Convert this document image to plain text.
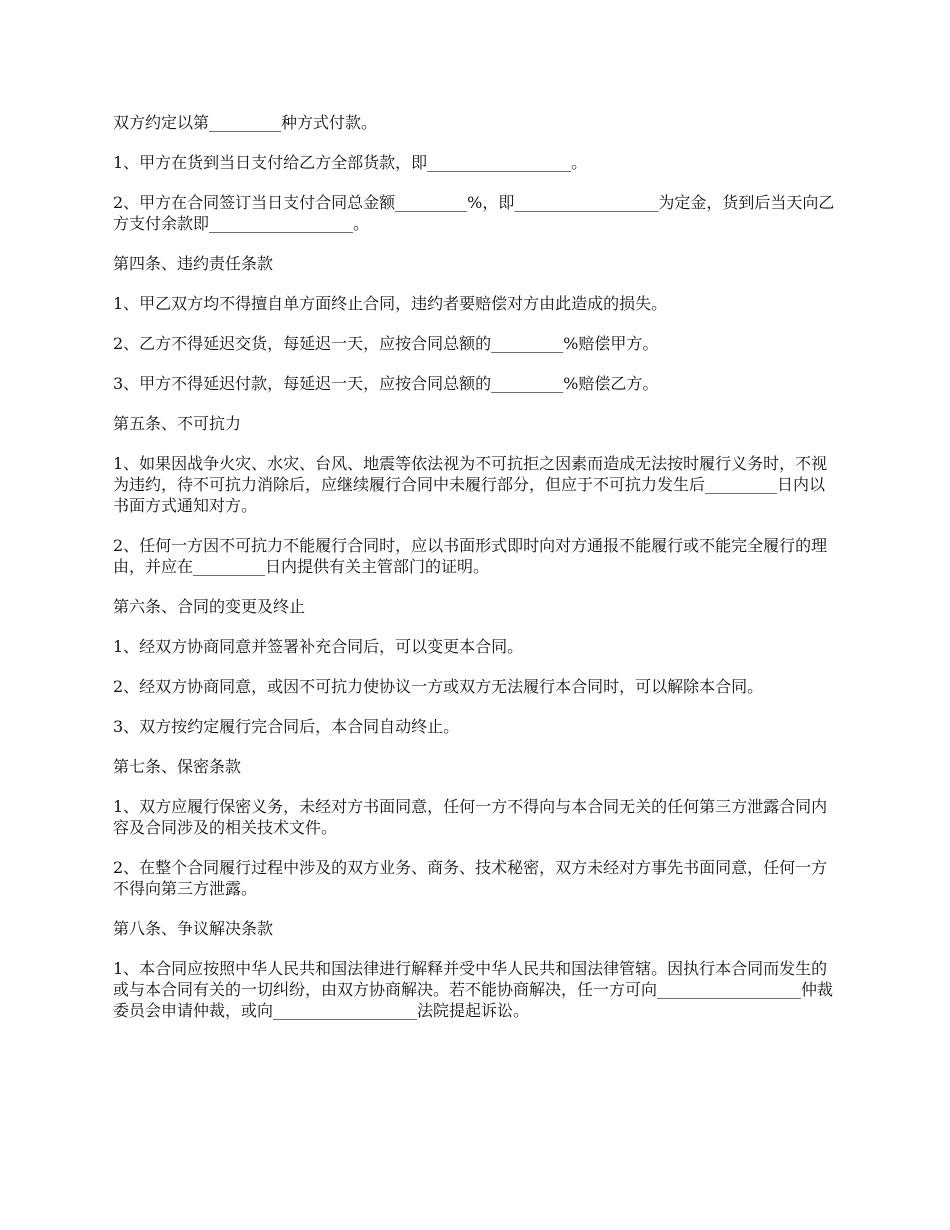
双方约定以第_________种方式付款。

1、甲方在货到当日支付给乙方全部货款，即__________________。

2、甲方在合同签订当日支付合同总金额_________%，即__________________为定金，货到后当天向乙方支付余款即__________________。

第四条、违约责任条款

1、甲乙双方均不得擅自单方面终止合同，违约者要赔偿对方由此造成的损失。

2、乙方不得延迟交货，每延迟一天，应按合同总额的_________%赔偿甲方。

3、甲方不得延迟付款，每延迟一天，应按合同总额的_________%赔偿乙方。

第五条、不可抗力

1、如果因战争火灾、水灾、台风、地震等依法视为不可抗拒之因素而造成无法按时履行义务时，不视为违约，待不可抗力消除后，应继续履行合同中未履行部分，但应于不可抗力发生后_________日内以书面方式通知对方。

2、任何一方因不可抗力不能履行合同时，应以书面形式即时向对方通报不能履行或不能完全履行的理由，并应在_________日内提供有关主管部门的证明。

第六条、合同的变更及终止

1、经双方协商同意并签署补充合同后，可以变更本合同。

2、经双方协商同意，或因不可抗力使协议一方或双方无法履行本合同时，可以解除本合同。

3、双方按约定履行完合同后，本合同自动终止。

第七条、保密条款

1、双方应履行保密义务，未经对方书面同意，任何一方不得向与本合同无关的任何第三方泄露合同内容及合同涉及的相关技术文件。

2、在整个合同履行过程中涉及的双方业务、商务、技术秘密，双方未经对方事先书面同意，任何一方不得向第三方泄露。

第八条、争议解决条款

1、本合同应按照中华人民共和国法律进行解释并受中华人民共和国法律管辖。因执行本合同而发生的或与本合同有关的一切纠纷，由双方协商解决。若不能协商解决，任一方可向__________________仲裁委员会申请仲裁，或向__________________法院提起诉讼。
